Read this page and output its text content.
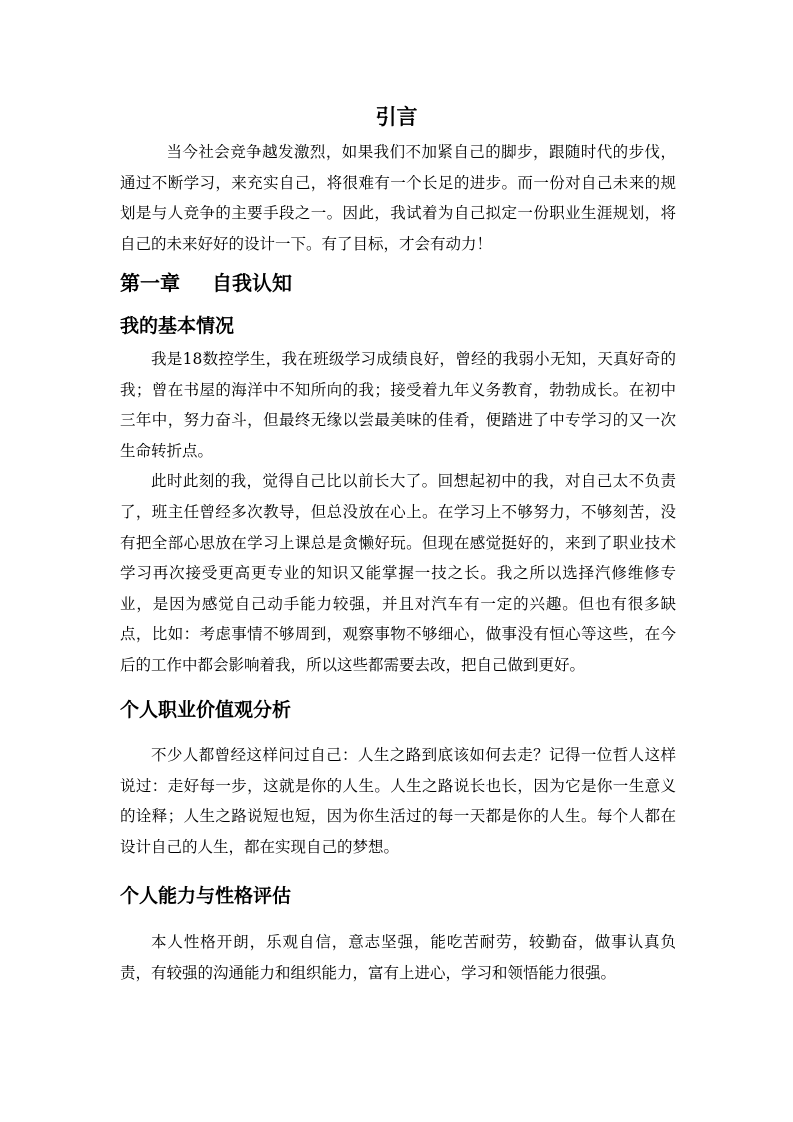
引言

当今社会竞争越发激烈，如果我们不加紧自己的脚步，跟随时代的步伐，通过不断学习，来充实自己，将很难有一个长足的进步。而一份对自己未来的规划是与人竞争的主要手段之一。因此，我试着为自己拟定一份职业生涯规划，将自己的未来好好的设计一下。有了目标，才会有动力！

第一章 自我认知
我的基本情况

我是18数控学生，我在班级学习成绩良好，曾经的我弱小无知，天真好奇的我；曾在书屋的海洋中不知所向的我；接受着九年义务教育，勃勃成长。在初中三年中，努力奋斗，但最终无缘以尝最美味的佳肴，便踏进了中专学习的又一次生命转折点。

此时此刻的我，觉得自己比以前长大了。回想起初中的我，对自己太不负责了，班主任曾经多次教导，但总没放在心上。在学习上不够努力，不够刻苦，没有把全部心思放在学习上课总是贪懒好玩。但现在感觉挺好的，来到了职业技术学习再次接受更高更专业的知识又能掌握一技之长。我之所以选择汽修维修专业，是因为感觉自己动手能力较强，并且对汽车有一定的兴趣。但也有很多缺点，比如：考虑事情不够周到，观察事物不够细心，做事没有恒心等这些，在今后的工作中都会影响着我，所以这些都需要去改，把自己做到更好。

个人职业价值观分析

不少人都曾经这样问过自己：人生之路到底该如何去走？记得一位哲人这样说过：走好每一步，这就是你的人生。人生之路说长也长，因为它是你一生意义的诠释；人生之路说短也短，因为你生活过的每一天都是你的人生。每个人都在设计自己的人生，都在实现自己的梦想。

个人能力与性格评估

本人性格开朗，乐观自信，意志坚强，能吃苦耐劳，较勤奋，做事认真负责，有较强的沟通能力和组织能力，富有上进心，学习和领悟能力很强。
